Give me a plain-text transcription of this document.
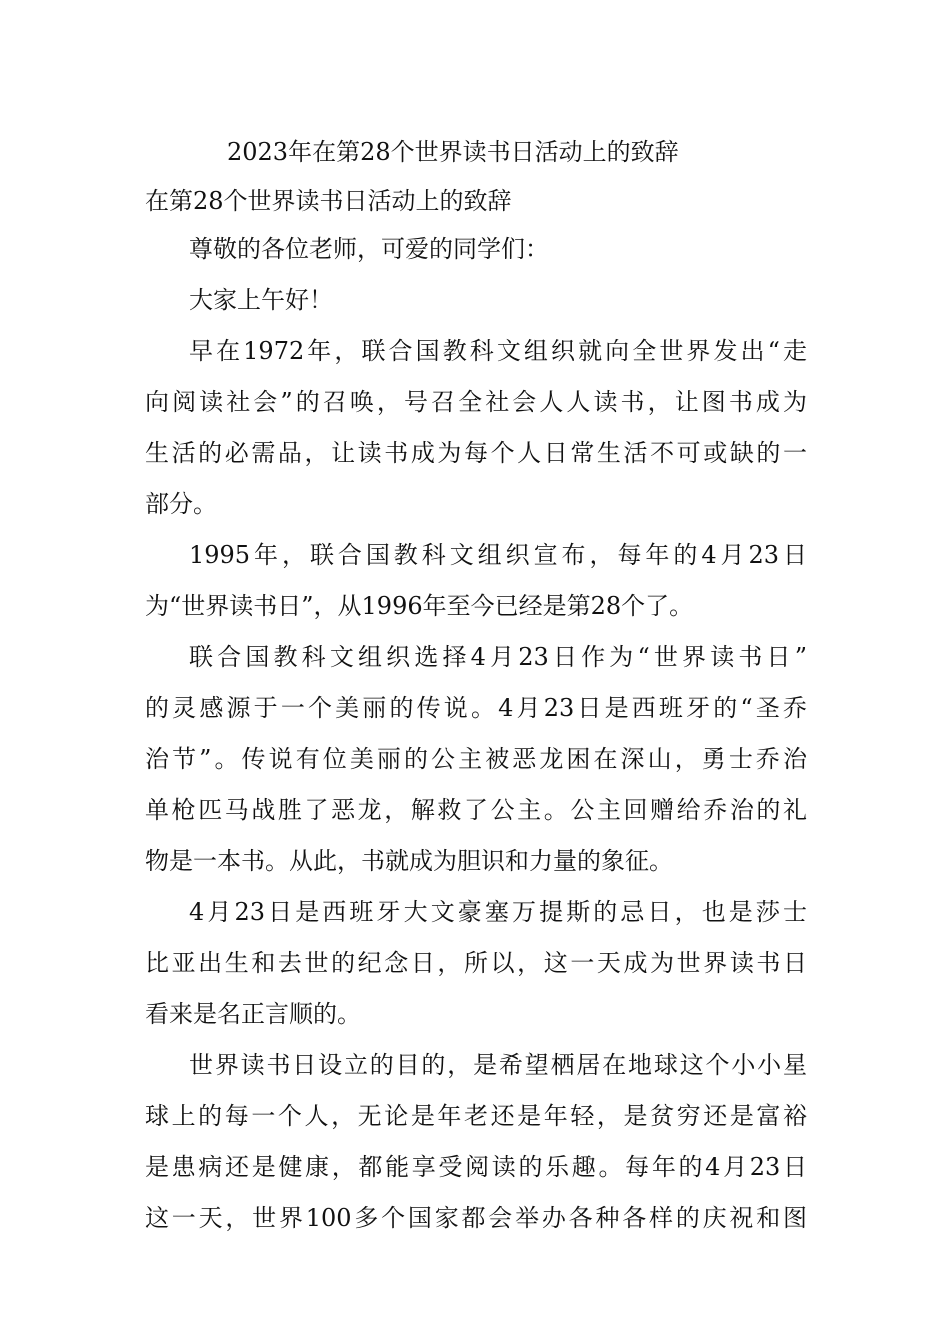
2023年在第28个世界读书日活动上的致辞

在第28个世界读书日活动上的致辞

尊敬的各位老师，可爱的同学们：

大家上午好！

早在1972年，联合国教科文组织就向全世界发出“走
向阅读社会”的召唤，号召全社会人人读书，让图书成为
生活的必需品，让读书成为每个人日常生活不可或缺的一
部分。

1995年，联合国教科文组织宣布，每年的4月23日
为“世界读书日”，从1996年至今已经是第28个了。

联合国教科文组织选择4月23日作为“世界读书日”
的灵感源于一个美丽的传说。4月23日是西班牙的“圣乔
治节”。传说有位美丽的公主被恶龙困在深山，勇士乔治
单枪匹马战胜了恶龙，解救了公主。公主回赠给乔治的礼
物是一本书。从此，书就成为胆识和力量的象征。

4月23日是西班牙大文豪塞万提斯的忌日，也是莎士
比亚出生和去世的纪念日，所以，这一天成为世界读书日
看来是名正言顺的。

世界读书日设立的目的，是希望栖居在地球这个小小星
球上的每一个人，无论是年老还是年轻，是贫穷还是富裕
是患病还是健康，都能享受阅读的乐趣。每年的4月23日
这一天，世界100多个国家都会举办各种各样的庆祝和图
